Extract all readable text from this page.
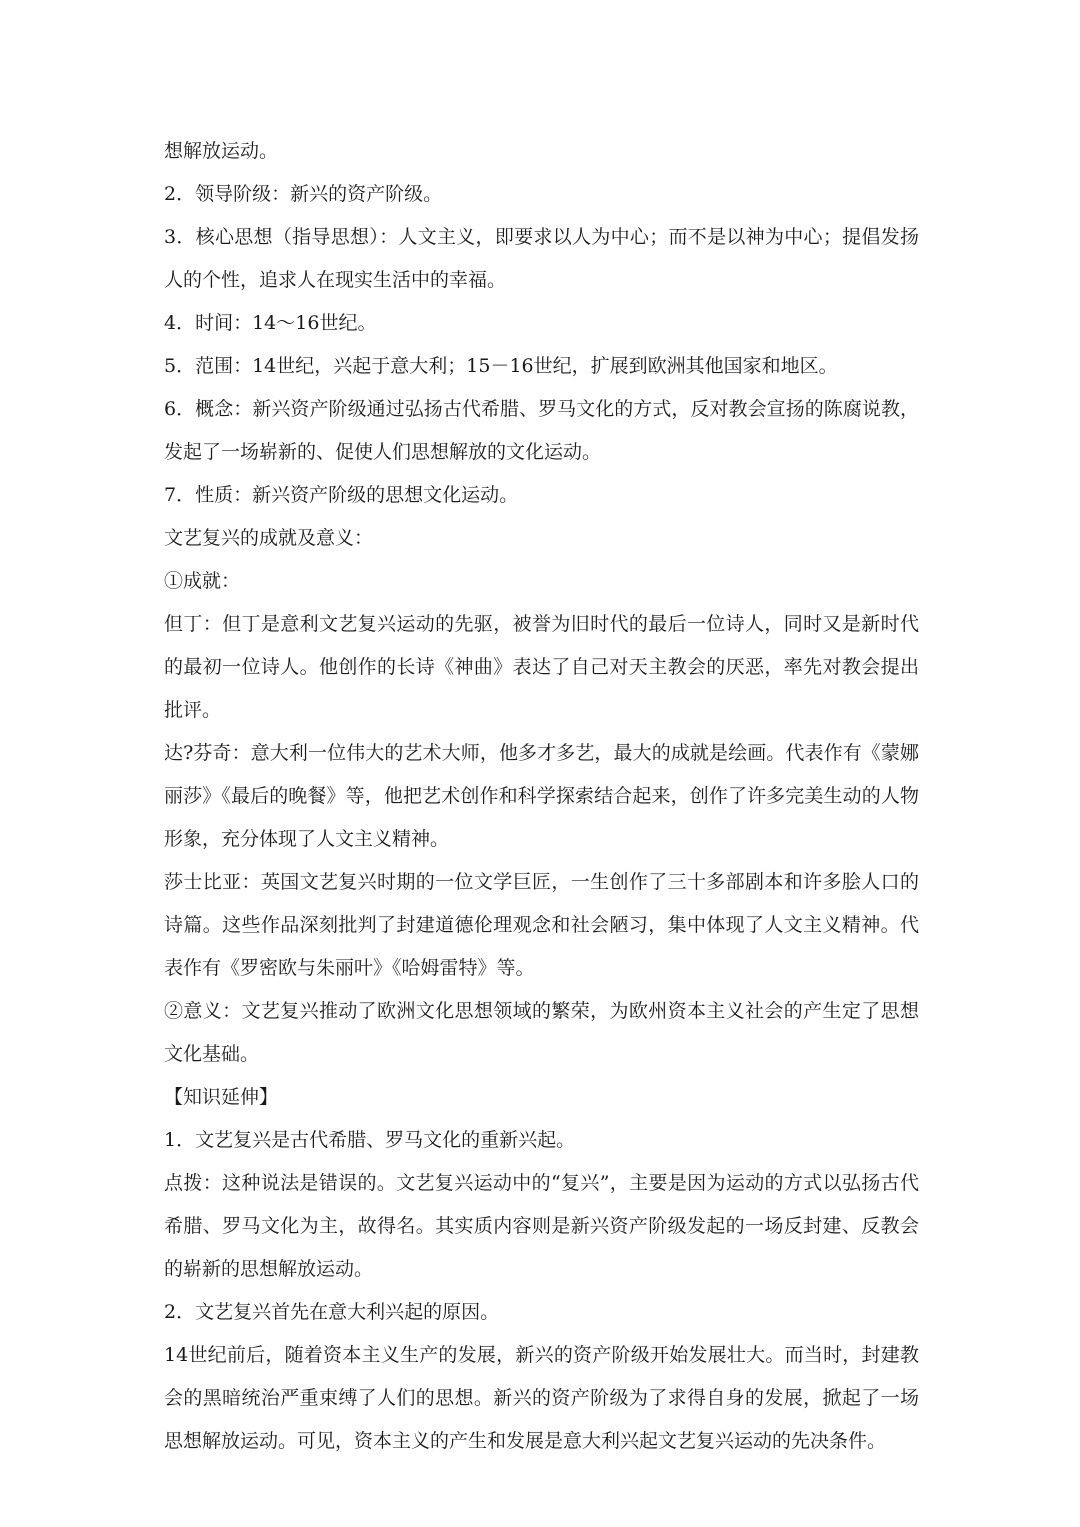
想解放运动。

2．领导阶级：新兴的资产阶级。

3．核心思想（指导思想）：人文主义，即要求以人为中心；而不是以神为中心；提倡发扬人的个性，追求人在现实生活中的幸福。

4．时间：14～16世纪。

5．范围：14世纪，兴起于意大利；15－16世纪，扩展到欧洲其他国家和地区。

6．概念：新兴资产阶级通过弘扬古代希腊、罗马文化的方式，反对教会宣扬的陈腐说教，发起了一场崭新的、促使人们思想解放的文化运动。

7．性质：新兴资产阶级的思想文化运动。

文艺复兴的成就及意义：

①成就：

但丁：但丁是意利文艺复兴运动的先驱，被誉为旧时代的最后一位诗人，同时又是新时代的最初一位诗人。他创作的长诗《神曲》表达了自己对天主教会的厌恶，率先对教会提出批评。

达?芬奇：意大利一位伟大的艺术大师，他多才多艺，最大的成就是绘画。代表作有《蒙娜丽莎》《最后的晚餐》等，他把艺术创作和科学探索结合起来，创作了许多完美生动的人物形象，充分体现了人文主义精神。

莎士比亚：英国文艺复兴时期的一位文学巨匠，一生创作了三十多部剧本和许多脍人口的诗篇。这些作品深刻批判了封建道德伦理观念和社会陋习，集中体现了人文主义精神。代表作有《罗密欧与朱丽叶》《哈姆雷特》等。

②意义：文艺复兴推动了欧洲文化思想领域的繁荣，为欧州资本主义社会的产生定了思想文化基础。

【知识延伸】

1．文艺复兴是古代希腊、罗马文化的重新兴起。

点拨：这种说法是错误的。文艺复兴运动中的“复兴”，主要是因为运动的方式以弘扬古代希腊、罗马文化为主，故得名。其实质内容则是新兴资产阶级发起的一场反封建、反教会的崭新的思想解放运动。

2．文艺复兴首先在意大利兴起的原因。

14世纪前后，随着资本主义生产的发展，新兴的资产阶级开始发展壮大。而当时，封建教会的黑暗统治严重束缚了人们的思想。新兴的资产阶级为了求得自身的发展，掀起了一场思想解放运动。可见，资本主义的产生和发展是意大利兴起文艺复兴运动的先决条件。
